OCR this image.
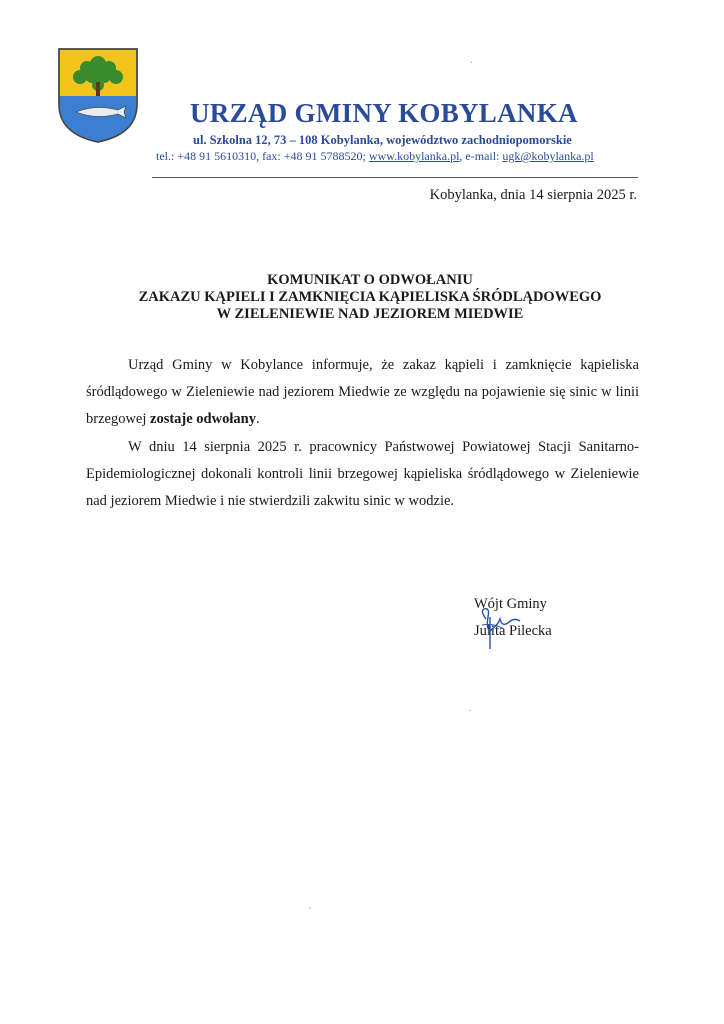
URZĄD GMINY KOBYLANKA
ul. Szkolna 12, 73 – 108 Kobylanka, województwo zachodniopomorskie
tel.: +48 91 5610310, fax: +48 91 5788520; www.kobylanka.pl, e-mail: ugk@kobylanka.pl
Kobylanka, dnia 14 sierpnia 2025 r.
KOMUNIKAT O ODWOŁANIU
ZAKAZU KĄPIELI I ZAMKNIĘCIA KĄPIELISKA ŚRÓDLĄDOWEGO
W ZIELENIEWIE NAD JEZIOREM MIEDWIE

Urząd Gminy w Kobylance informuje, że zakaz kąpieli i zamknięcie kąpieliska śródlądowego w Zieleniewie nad jeziorem Miedwie ze względu na pojawienie się sinic w linii brzegowej zostaje odwołany.

W dniu 14 sierpnia 2025 r. pracownicy Państwowej Powiatowej Stacji Sanitarno-Epidemiologicznej dokonali kontroli linii brzegowej kąpieliska śródlądowego w Zieleniewie nad jeziorem Miedwie i nie stwierdzili zakwitu sinic w wodzie.

Wójt Gminy
Julita Pilecka
·
·
'
